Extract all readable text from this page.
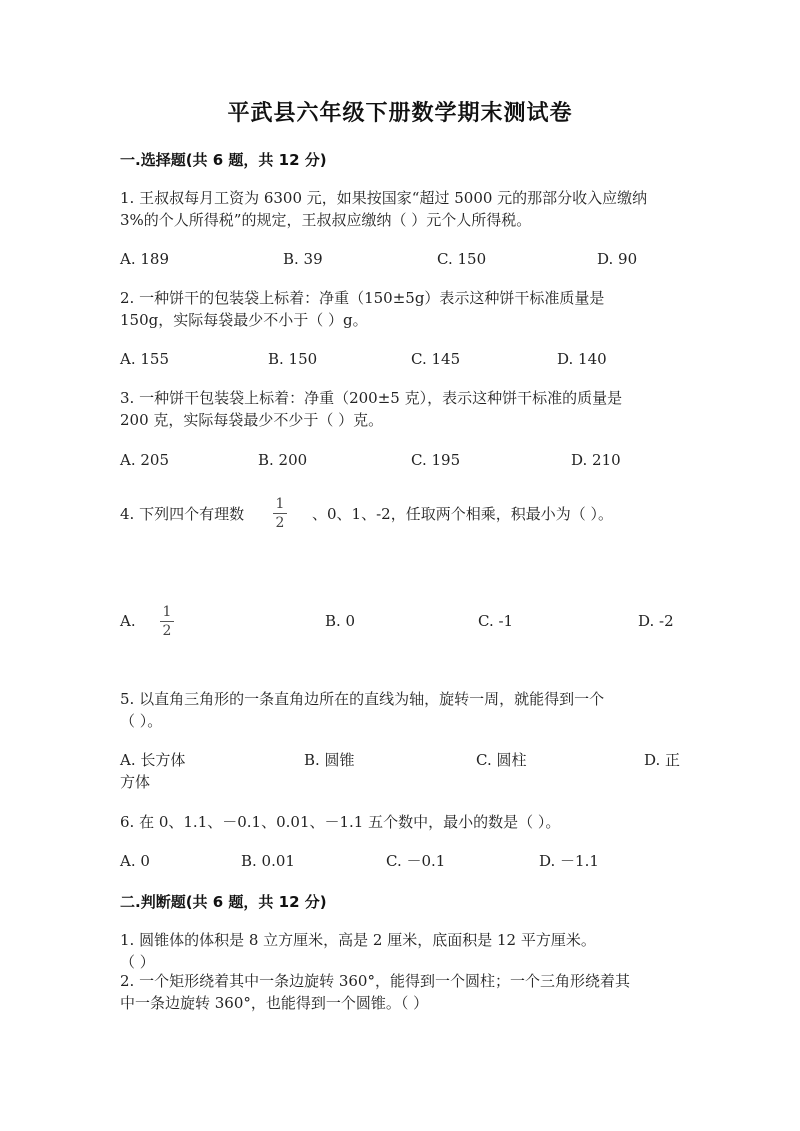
平武县六年级下册数学期末测试卷
一.选择题(共 6 题，共 12 分)
1. 王叔叔每月工资为 6300 元，如果按国家“超过 5000 元的那部分收入应缴纳
3%的个人所得税”的规定，王叔叔应缴纳（ ）元个人所得税。
A. 189	B. 39	C. 150	D. 90
2. 一种饼干的包装袋上标着：净重（150±5g）表示这种饼干标准质量是
150g，实际每袋最少不小于（ ）g。
A. 155	B. 150	C. 145	D. 140
3. 一种饼干包装袋上标着：净重（200±5 克），表示这种饼干标准的质量是
200 克，实际每袋最少不少于（ ）克。
A. 205	B. 200	C. 195	D. 210
4. 下列四个有理数
1
2 、0、1、-2，任取两个相乘，积最小为（ ）。
A. 1
2
B. 0	C. -1	D. -2
5. 以直角三角形的一条直角边所在的直线为轴，旋转一周，就能得到一个
（ ）。
A. 长方体	B. 圆锥	C. 圆柱	D. 正
方体
6. 在 0、1.1、－0.1、0.01、－1.1 五个数中，最小的数是（ ）。
A. 0	B. 0.01	C. －0.1	D. －1.1
二.判断题(共 6 题，共 12 分)
1. 圆锥体的体积是 8 立方厘米，高是 2 厘米，底面积是 12 平方厘米。
（ ）
2. 一个矩形绕着其中一条边旋转 360°，能得到一个圆柱；一个三角形绕着其
中一条边旋转 360°，也能得到一个圆锥。（ ）
